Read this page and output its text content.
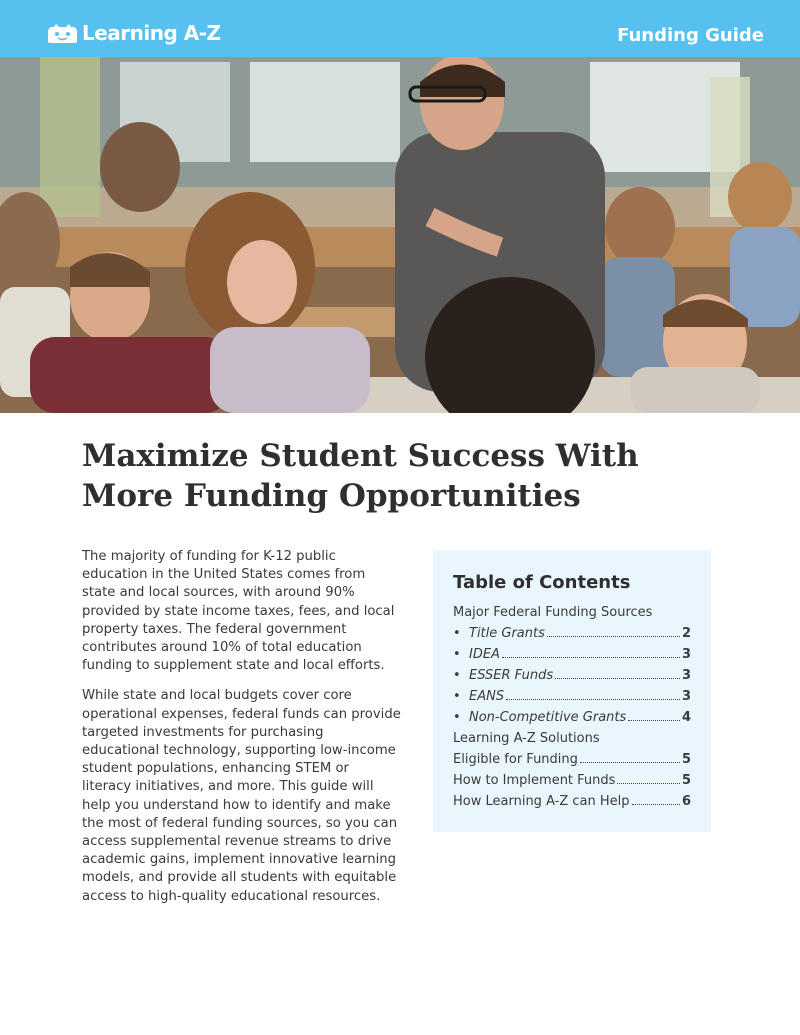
Learning A-Z	Funding Guide
Maximize Student Success With
More Funding Opportunities

The majority of funding for K-12 public education in the United States comes from state and local sources, with around 90% provided by state income taxes, fees, and local property taxes. The federal government contributes around 10% of total education funding to supplement state and local efforts.

While state and local budgets cover core operational expenses, federal funds can provide targeted investments for purchasing educational technology, supporting low-income student populations, enhancing STEM or literacy initiatives, and more. This guide will help you understand how to identify and make the most of federal funding sources, so you can access supplemental revenue streams to drive academic gains, implement innovative learning models, and provide all students with equitable access to high-quality educational resources.

Table of Contents
Major Federal Funding Sources
• Title Grants	2
• IDEA	3
• ESSER Funds	3
• EANS	3
• Non-Competitive Grants	4
Learning A-Z Solutions
Eligible for Funding	5
How to Implement Funds	5
How Learning A-Z can Help	6
